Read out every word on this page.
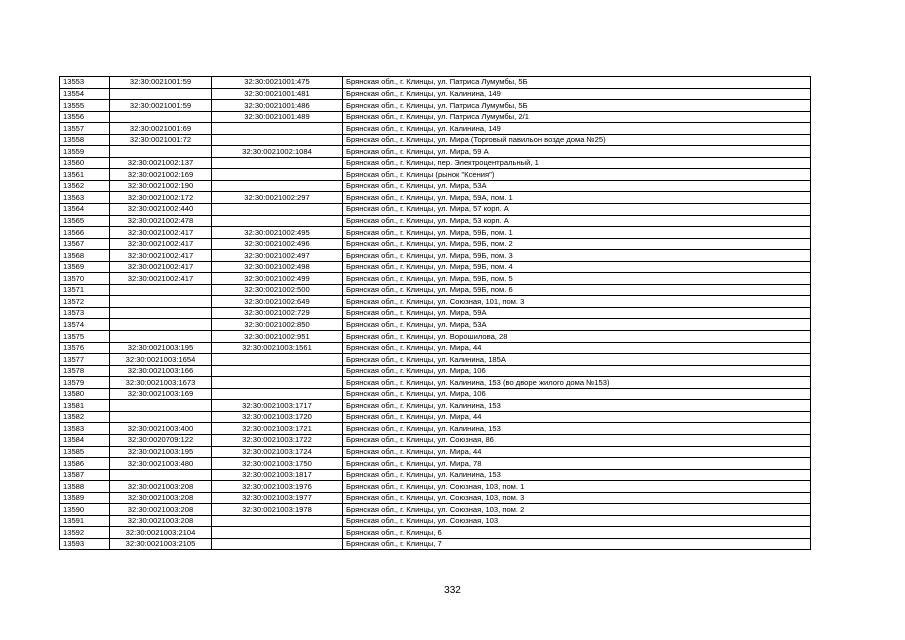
13553	32:30:0021001:59	32:30:0021001:475	Брянская обл., г. Клинцы, ул. Патриса Лумумбы, 5Б
13554		32:30:0021001:481	Брянская обл., г. Клинцы, ул. Калинина, 149
13555	32:30:0021001:59	32:30:0021001:486	Брянская обл., г. Клинцы, ул. Патриса Лумумбы, 5Б
13556		32:30:0021001:489	Брянская обл., г. Клинцы, ул. Патриса Лумумбы, 2/1
13557	32:30:0021001:69		Брянская обл., г. Клинцы, ул. Калинина, 149
13558	32:30:0021001:72		Брянская обл., г. Клинцы, ул. Мира (Торговый павильон возде дома №25)
13559		32:30:0021002:1084	Брянская обл., г. Клинцы, ул. Мира, 59 А
13560	32:30:0021002:137		Брянская обл., г. Клинцы, пер. Электроцентральный, 1
13561	32:30:0021002:169		Брянская обл., г. Клинцы (рынок "Ксения")
13562	32:30:0021002:190		Брянская обл., г. Клинцы, ул. Мира, 53А
13563	32:30:0021002:172	32:30:0021002:297	Брянская обл., г. Клинцы, ул. Мира, 59А, пом. 1
13564	32:30:0021002:440		Брянская обл., г. Клинцы, ул. Мира, 57 корп. А
13565	32:30:0021002:478		Брянская обл., г. Клинцы, ул. Мира, 53 корп. А
13566	32:30:0021002:417	32:30:0021002:495	Брянская обл., г. Клинцы, ул. Мира, 59Б, пом. 1
13567	32:30:0021002:417	32:30:0021002:496	Брянская обл., г. Клинцы, ул. Мира, 59Б, пом. 2
13568	32:30:0021002:417	32:30:0021002:497	Брянская обл., г. Клинцы, ул. Мира, 59Б, пом. 3
13569	32:30:0021002:417	32:30:0021002:498	Брянская обл., г. Клинцы, ул. Мира, 59Б, пом. 4
13570	32:30:0021002:417	32:30:0021002:499	Брянская обл., г. Клинцы, ул. Мира, 59Б, пом. 5
13571		32:30:0021002:500	Брянская обл., г. Клинцы, ул. Мира, 59Б, пом. 6
13572		32:30:0021002:649	Брянская обл., г. Клинцы, ул. Союзная, 101, пом. 3
13573		32:30:0021002:729	Брянская обл., г. Клинцы, ул. Мира, 59А
13574		32:30:0021002:850	Брянская обл., г. Клинцы, ул. Мира, 53А
13575		32:30:0021002:951	Брянская обл., г. Клинцы, ул. Ворошилова, 28
13576	32:30:0021003:195	32:30:0021003:1561	Брянская обл., г. Клинцы, ул. Мира, 44
13577	32:30:0021003:1654		Брянская обл., г. Клинцы, ул. Калинина, 185А
13578	32:30:0021003:166		Брянская обл., г. Клинцы, ул. Мира, 106
13579	32:30:0021003:1673		Брянская обл., г. Клинцы, ул. Калинина, 153 (во дворе жилого дома №153)
13580	32:30:0021003:169		Брянская обл., г. Клинцы, ул. Мира, 106
13581		32:30:0021003:1717	Брянская обл., г. Клинцы, ул. Калинина, 153
13582		32:30:0021003:1720	Брянская обл., г. Клинцы, ул. Мира, 44
13583	32:30:0021003:400	32:30:0021003:1721	Брянская обл., г. Клинцы, ул. Калинина, 153
13584	32:30:0020709:122	32:30:0021003:1722	Брянская обл., г. Клинцы, ул. Союзная, 86
13585	32:30:0021003:195	32:30:0021003:1724	Брянская обл., г. Клинцы, ул. Мира, 44
13586	32:30:0021003:480	32:30:0021003:1750	Брянская обл., г. Клинцы, ул. Мира, 78
13587		32:30:0021003:1817	Брянская обл., г. Клинцы, ул. Калинина, 153
13588	32:30:0021003:208	32:30:0021003:1976	Брянская обл., г. Клинцы, ул. Союзная, 103, пом. 1
13589	32:30:0021003:208	32:30:0021003:1977	Брянская обл., г. Клинцы, ул. Союзная, 103, пом. 3
13590	32:30:0021003:208	32:30:0021003:1978	Брянская обл., г. Клинцы, ул. Союзная, 103, пом. 2
13591	32:30:0021003:208		Брянская обл., г. Клинцы, ул. Союзная, 103
13592	32:30:0021003:2104		Брянская обл., г. Клинцы, 6
13593	32:30:0021003:2105		Брянская обл., г. Клинцы, 7
332
